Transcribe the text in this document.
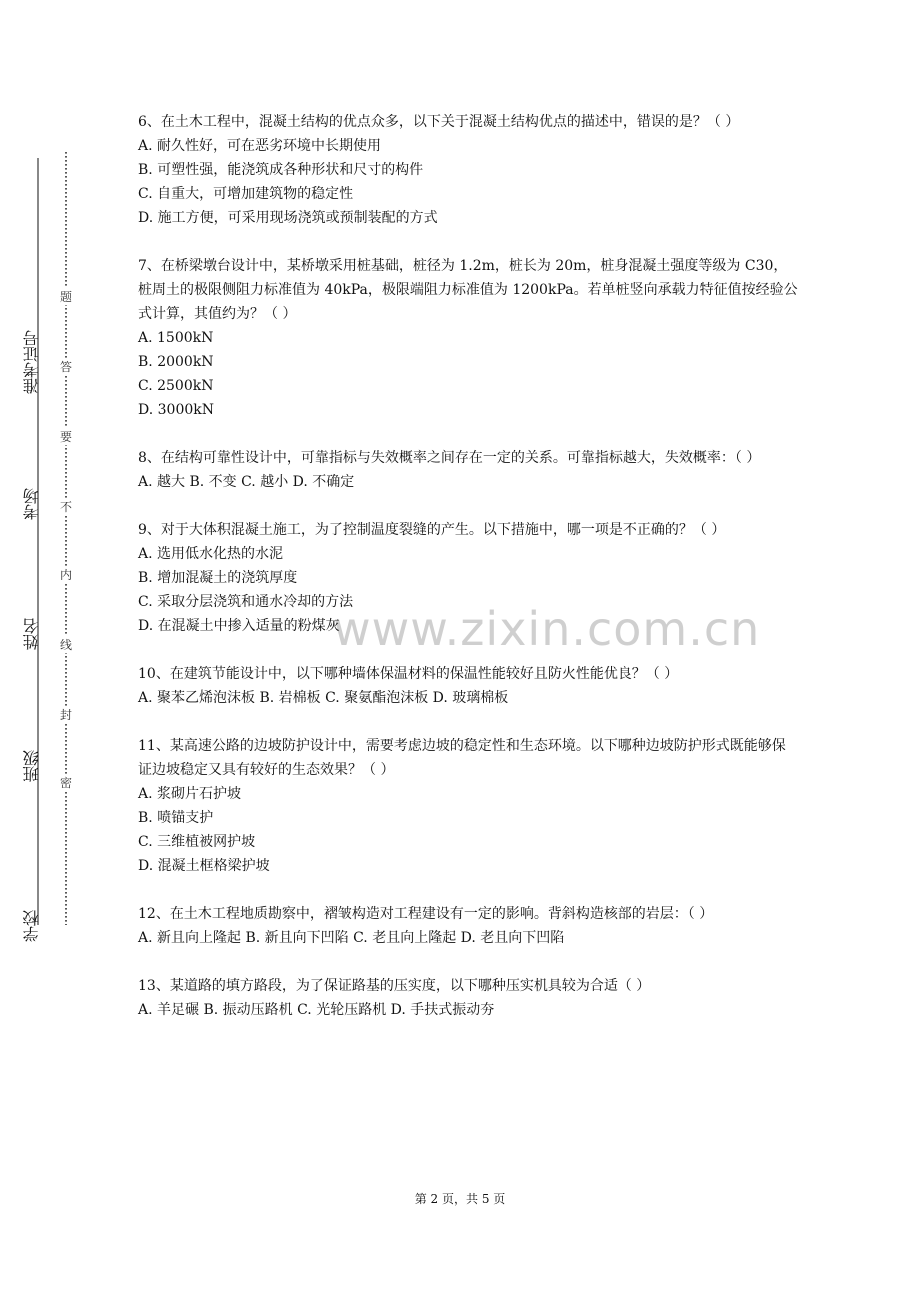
准考证号
考场
姓名
班级
学校
题
答
要
不
内
线
封
密
www.zixin.com.cn
6、在土木工程中，混凝土结构的优点众多，以下关于混凝土结构优点的描述中，错误的是？（ ）
A. 耐久性好，可在恶劣环境中长期使用
B. 可塑性强，能浇筑成各种形状和尺寸的构件
C. 自重大，可增加建筑物的稳定性
D. 施工方便，可采用现场浇筑或预制装配的方式
7、在桥梁墩台设计中，某桥墩采用桩基础，桩径为 1.2m，桩长为 20m，桩身混凝土强度等级为 C30，桩周土的极限侧阻力标准值为 40kPa，极限端阻力标准值为 1200kPa。若单桩竖向承载力特征值按经验公式计算，其值约为？（ ）
A. 1500kN
B. 2000kN
C. 2500kN
D. 3000kN
8、在结构可靠性设计中，可靠指标与失效概率之间存在一定的关系。可靠指标越大，失效概率：（ ）
A. 越大 B. 不变 C. 越小 D. 不确定
9、对于大体积混凝土施工，为了控制温度裂缝的产生。以下措施中，哪一项是不正确的？（ ）
A. 选用低水化热的水泥
B. 增加混凝土的浇筑厚度
C. 采取分层浇筑和通水冷却的方法
D. 在混凝土中掺入适量的粉煤灰
10、在建筑节能设计中，以下哪种墙体保温材料的保温性能较好且防火性能优良？（ ）
A. 聚苯乙烯泡沫板 B. 岩棉板 C. 聚氨酯泡沫板 D. 玻璃棉板
11、某高速公路的边坡防护设计中，需要考虑边坡的稳定性和生态环境。以下哪种边坡防护形式既能够保证边坡稳定又具有较好的生态效果？（ ）
A. 浆砌片石护坡
B. 喷锚支护
C. 三维植被网护坡
D. 混凝土框格梁护坡
12、在土木工程地质勘察中，褶皱构造对工程建设有一定的影响。背斜构造核部的岩层：（ ）
A. 新且向上隆起 B. 新且向下凹陷 C. 老且向上隆起 D. 老且向下凹陷
13、某道路的填方路段，为了保证路基的压实度，以下哪种压实机具较为合适（ ）
A. 羊足碾 B. 振动压路机 C. 光轮压路机 D. 手扶式振动夯
第 2 页，共 5 页
